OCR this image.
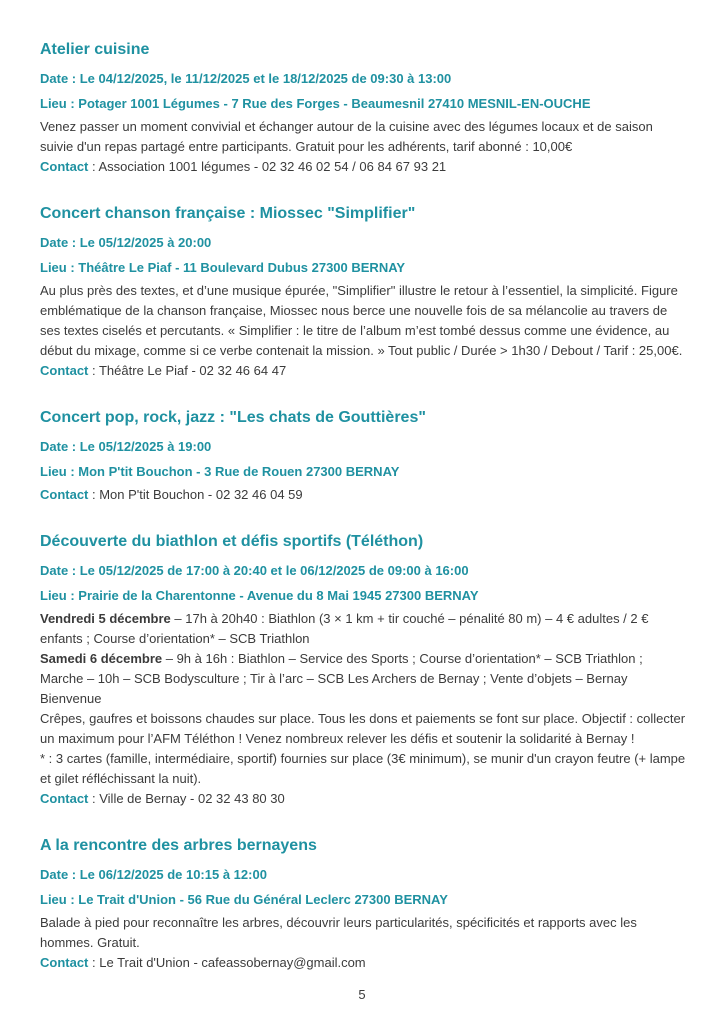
Atelier cuisine

Date : Le 04/12/2025, le 11/12/2025 et le 18/12/2025 de 09:30 à 13:00

Lieu : Potager 1001 Légumes - 7 Rue des Forges - Beaumesnil 27410 MESNIL-EN-OUCHE

Venez passer un moment convivial et échanger autour de la cuisine avec des légumes locaux et de saison suivie d'un repas partagé entre participants. Gratuit pour les adhérents, tarif abonné : 10,00€

Contact : Association 1001 légumes - 02 32 46 02 54 / 06 84 67 93 21

Concert chanson française : Miossec "Simplifier"

Date : Le 05/12/2025 à 20:00

Lieu : Théâtre Le Piaf - 11 Boulevard Dubus 27300 BERNAY

Au plus près des textes, et d’une musique épurée, "Simplifier" illustre le retour à l’essentiel, la simplicité. Figure emblématique de la chanson française, Miossec nous berce une nouvelle fois de sa mélancolie au travers de ses textes ciselés et percutants. « Simplifier : le titre de l’album m’est tombé dessus comme une évidence, au début du mixage, comme si ce verbe contenait la mission. » Tout public / Durée > 1h30 / Debout / Tarif : 25,00€.

Contact : Théâtre Le Piaf - 02 32 46 64 47

Concert pop, rock, jazz : "Les chats de Gouttières"

Date : Le 05/12/2025 à 19:00

Lieu : Mon P'tit Bouchon - 3 Rue de Rouen 27300 BERNAY

Contact : Mon P'tit Bouchon - 02 32 46 04 59

Découverte du biathlon et défis sportifs (Téléthon)

Date : Le 05/12/2025 de 17:00 à 20:40 et le 06/12/2025 de 09:00 à 16:00

Lieu : Prairie de la Charentonne - Avenue du 8 Mai 1945 27300 BERNAY

Vendredi 5 décembre – 17h à 20h40 : Biathlon (3 × 1 km + tir couché – pénalité 80 m) – 4 € adultes / 2 € enfants ; Course d’orientation* – SCB Triathlon

Samedi 6 décembre – 9h à 16h : Biathlon – Service des Sports ; Course d’orientation* – SCB Triathlon ; Marche – 10h – SCB Bodysculture ; Tir à l’arc – SCB Les Archers de Bernay ; Vente d’objets – Bernay Bienvenue

Crêpes, gaufres et boissons chaudes sur place. Tous les dons et paiements se font sur place. Objectif : collecter un maximum pour l’AFM Téléthon ! Venez nombreux relever les défis et soutenir la solidarité à Bernay !

* : 3 cartes (famille, intermédiaire, sportif) fournies sur place (3€ minimum), se munir d'un crayon feutre (+ lampe et gilet réfléchissant la nuit).

Contact : Ville de Bernay - 02 32 43 80 30

A la rencontre des arbres bernayens

Date : Le 06/12/2025 de 10:15 à 12:00

Lieu : Le Trait d'Union - 56 Rue du Général Leclerc 27300 BERNAY

Balade à pied pour reconnaître les arbres, découvrir leurs particularités, spécificités et rapports avec les hommes. Gratuit.

Contact : Le Trait d'Union - cafeassobernay@gmail.com

5
